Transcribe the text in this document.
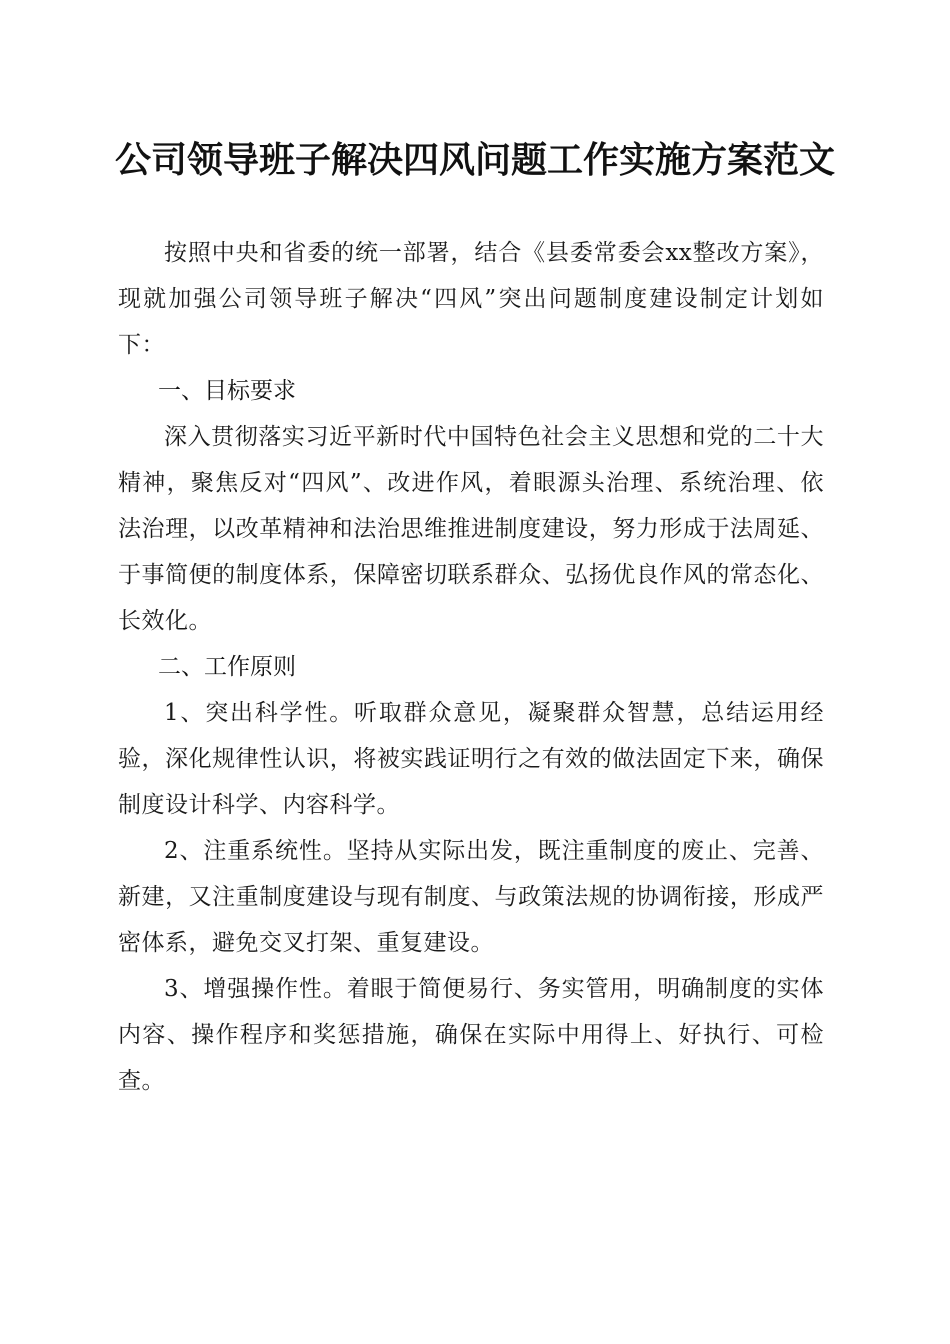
公司领导班子解决四风问题工作实施方案范文

按照中央和省委的统一部署，结合《县委常委会xx整改方案》，现就加强公司领导班子解决“四风”突出问题制度建设制定计划如下：

一、目标要求

深入贯彻落实习近平新时代中国特色社会主义思想和党的二十大精神，聚焦反对“四风”、改进作风，着眼源头治理、系统治理、依法治理，以改革精神和法治思维推进制度建设，努力形成于法周延、于事简便的制度体系，保障密切联系群众、弘扬优良作风的常态化、长效化。

二、工作原则

1、突出科学性。听取群众意见，凝聚群众智慧，总结运用经验，深化规律性认识，将被实践证明行之有效的做法固定下来，确保制度设计科学、内容科学。

2、注重系统性。坚持从实际出发，既注重制度的废止、完善、新建，又注重制度建设与现有制度、与政策法规的协调衔接，形成严密体系，避免交叉打架、重复建设。

3、增强操作性。着眼于简便易行、务实管用，明确制度的实体内容、操作程序和奖惩措施，确保在实际中用得上、好执行、可检查。
